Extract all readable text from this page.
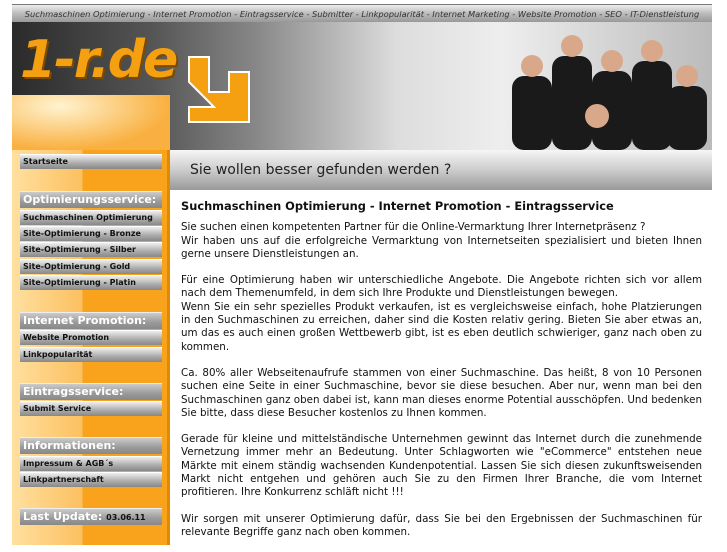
Suchmaschinen Optimierung - Internet Promotion - Eintragsservice - Submitter - Linkpopularität - Internet Marketing - Website Promotion - SEO - IT-Dienstleistung
1-r.de
Sie wollen besser gefunden werden ?
Startseite
Optimierungsservice:
Suchmaschinen Optimierung
Site-Optimierung - Bronze
Site-Optimierung - Silber
Site-Optimierung - Gold
Site-Optimierung - Platin
Internet Promotion:
Website Promotion
Linkpopularität
Eintragsservice:
Submit Service
Informationen:
Impressum & AGB´s
Linkpartnerschaft
Last Update: 03.06.11
Suchmaschinen Optimierung - Internet Promotion - Eintragsservice

Sie suchen einen kompetenten Partner für die Online-Vermarktung Ihrer Internetpräsenz ?
Wir haben uns auf die erfolgreiche Vermarktung von Internetseiten spezialisiert und bieten Ihnen gerne unsere Dienstleistungen an.

Für eine Optimierung haben wir unterschiedliche Angebote. Die Angebote richten sich vor allem nach dem Themenumfeld, in dem sich Ihre Produkte und Dienstleistungen bewegen.
Wenn Sie ein sehr spezielles Produkt verkaufen, ist es vergleichsweise einfach, hohe Platzierungen in den Suchmaschinen zu erreichen, daher sind die Kosten relativ gering. Bieten Sie aber etwas an, um das es auch einen großen Wettbewerb gibt, ist es eben deutlich schwieriger, ganz nach oben zu kommen.

Ca. 80% aller Webseitenaufrufe stammen von einer Suchmaschine. Das heißt, 8 von 10 Personen suchen eine Seite in einer Suchmaschine, bevor sie diese besuchen. Aber nur, wenn man bei den Suchmaschinen ganz oben dabei ist, kann man dieses enorme Potential ausschöpfen. Und bedenken Sie bitte, dass diese Besucher kostenlos zu Ihnen kommen.

Gerade für kleine und mittelständische Unternehmen gewinnt das Internet durch die zunehmende Vernetzung immer mehr an Bedeutung. Unter Schlagworten wie "eCommerce" entstehen neue Märkte mit einem ständig wachsenden Kundenpotential. Lassen Sie sich diesen zukunftsweisenden Markt nicht entgehen und gehören auch Sie zu den Firmen Ihrer Branche, die vom Internet profitieren. Ihre Konkurrenz schläft nicht !!!

Wir sorgen mit unserer Optimierung dafür, dass Sie bei den Ergebnissen der Suchmaschinen für relevante Begriffe ganz nach oben kommen.
